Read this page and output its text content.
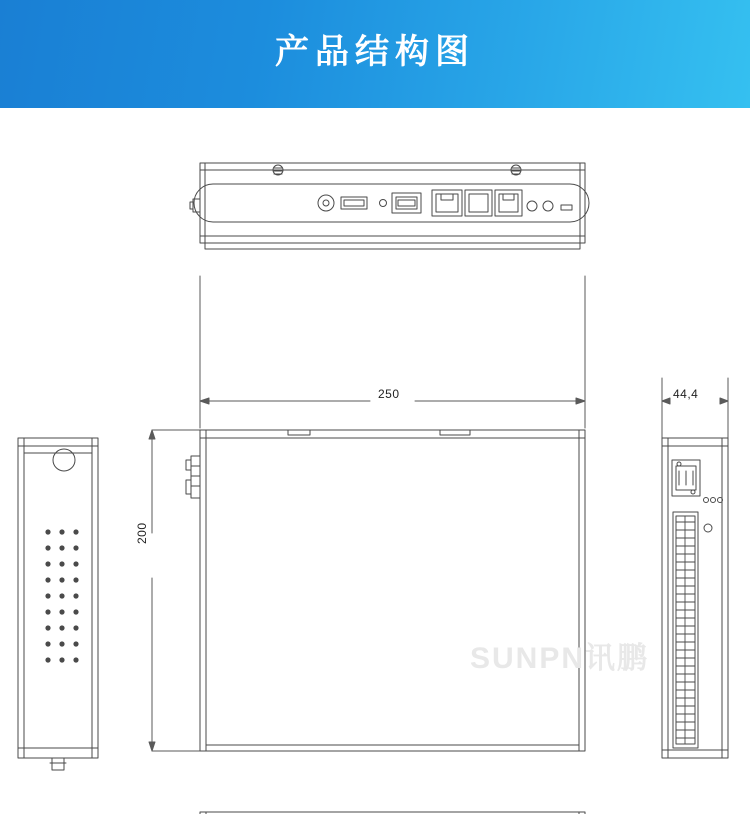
产品结构图
250	44,4
200
SUNPN讯鹏
